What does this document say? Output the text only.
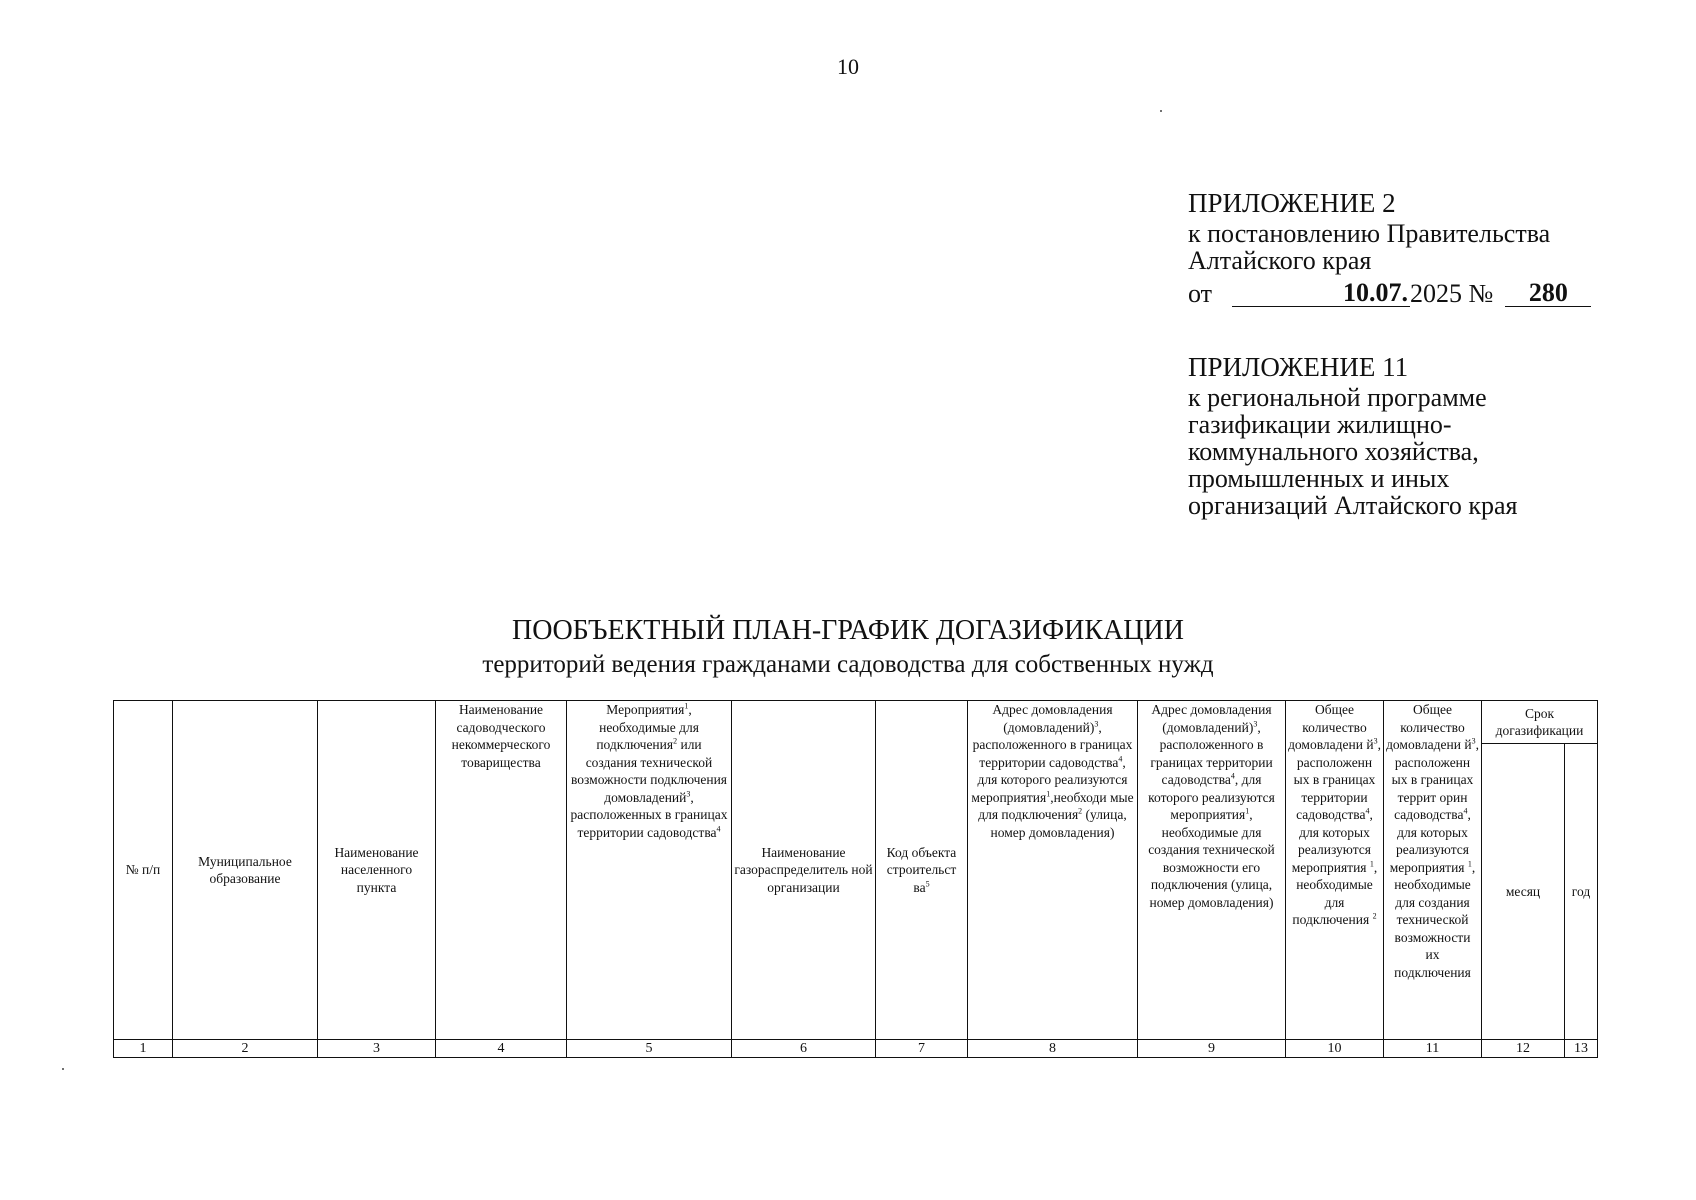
10
ПРИЛОЖЕНИЕ 2
к постановлению Правительства
Алтайского края
от	10.07. 2025 №	280
ПРИЛОЖЕНИЕ 11
к региональной программе
газификации жилищно-
коммунального хозяйства,
промышленных и иных
организаций Алтайского края
ПООБЪЕКТНЫЙ ПЛАН-ГРАФИК ДОГАЗИФИКАЦИИ
территорий ведения гражданами садоводства для собственных нужд
№ п/п	Муниципальное образование	Наименование населенного пункта	Наименование садоводческого некоммерческого товарищества	Мероприятия$^1$, необходимые для подключения$^2$ или создания технической возможности подключения домовладений$^3$, расположенных в границах территории садоводства$^4$	Наименование газораспределитель ной организации	Код объекта строительст $ва^5$	Адрес домовладения (домовладений)$^3$, расположенного в границах территории садоводства$^4$, для которого реализуются мероприятия$^1$,необходи мые для подключения$^2$ (улица, номер домовладения)	Адрес домовладения (домовладений)$^3$, расположенного в границах территории садоводства$^4$, для которого реализуются мероприятия$^1$, необходимые для создания технической возможности его подключения (улица, номер домовладения)	Общее количество домовладени $й^3$, расположенн ых в границах территории садоводства$^4$, для которых реализуются мероприятия $^1$, необходимые для подключения $^2$	Общее количество домовладени $й^3$, расположенн ых в границах террит орин садоводства$^4$, для которых реализуются мероприятия $^1$, необходимые для создания технической возможности их подключения	Срок догазификации	
											месяц	год
1	2	3	4	5	6	7	8	9	10	11	12	13
